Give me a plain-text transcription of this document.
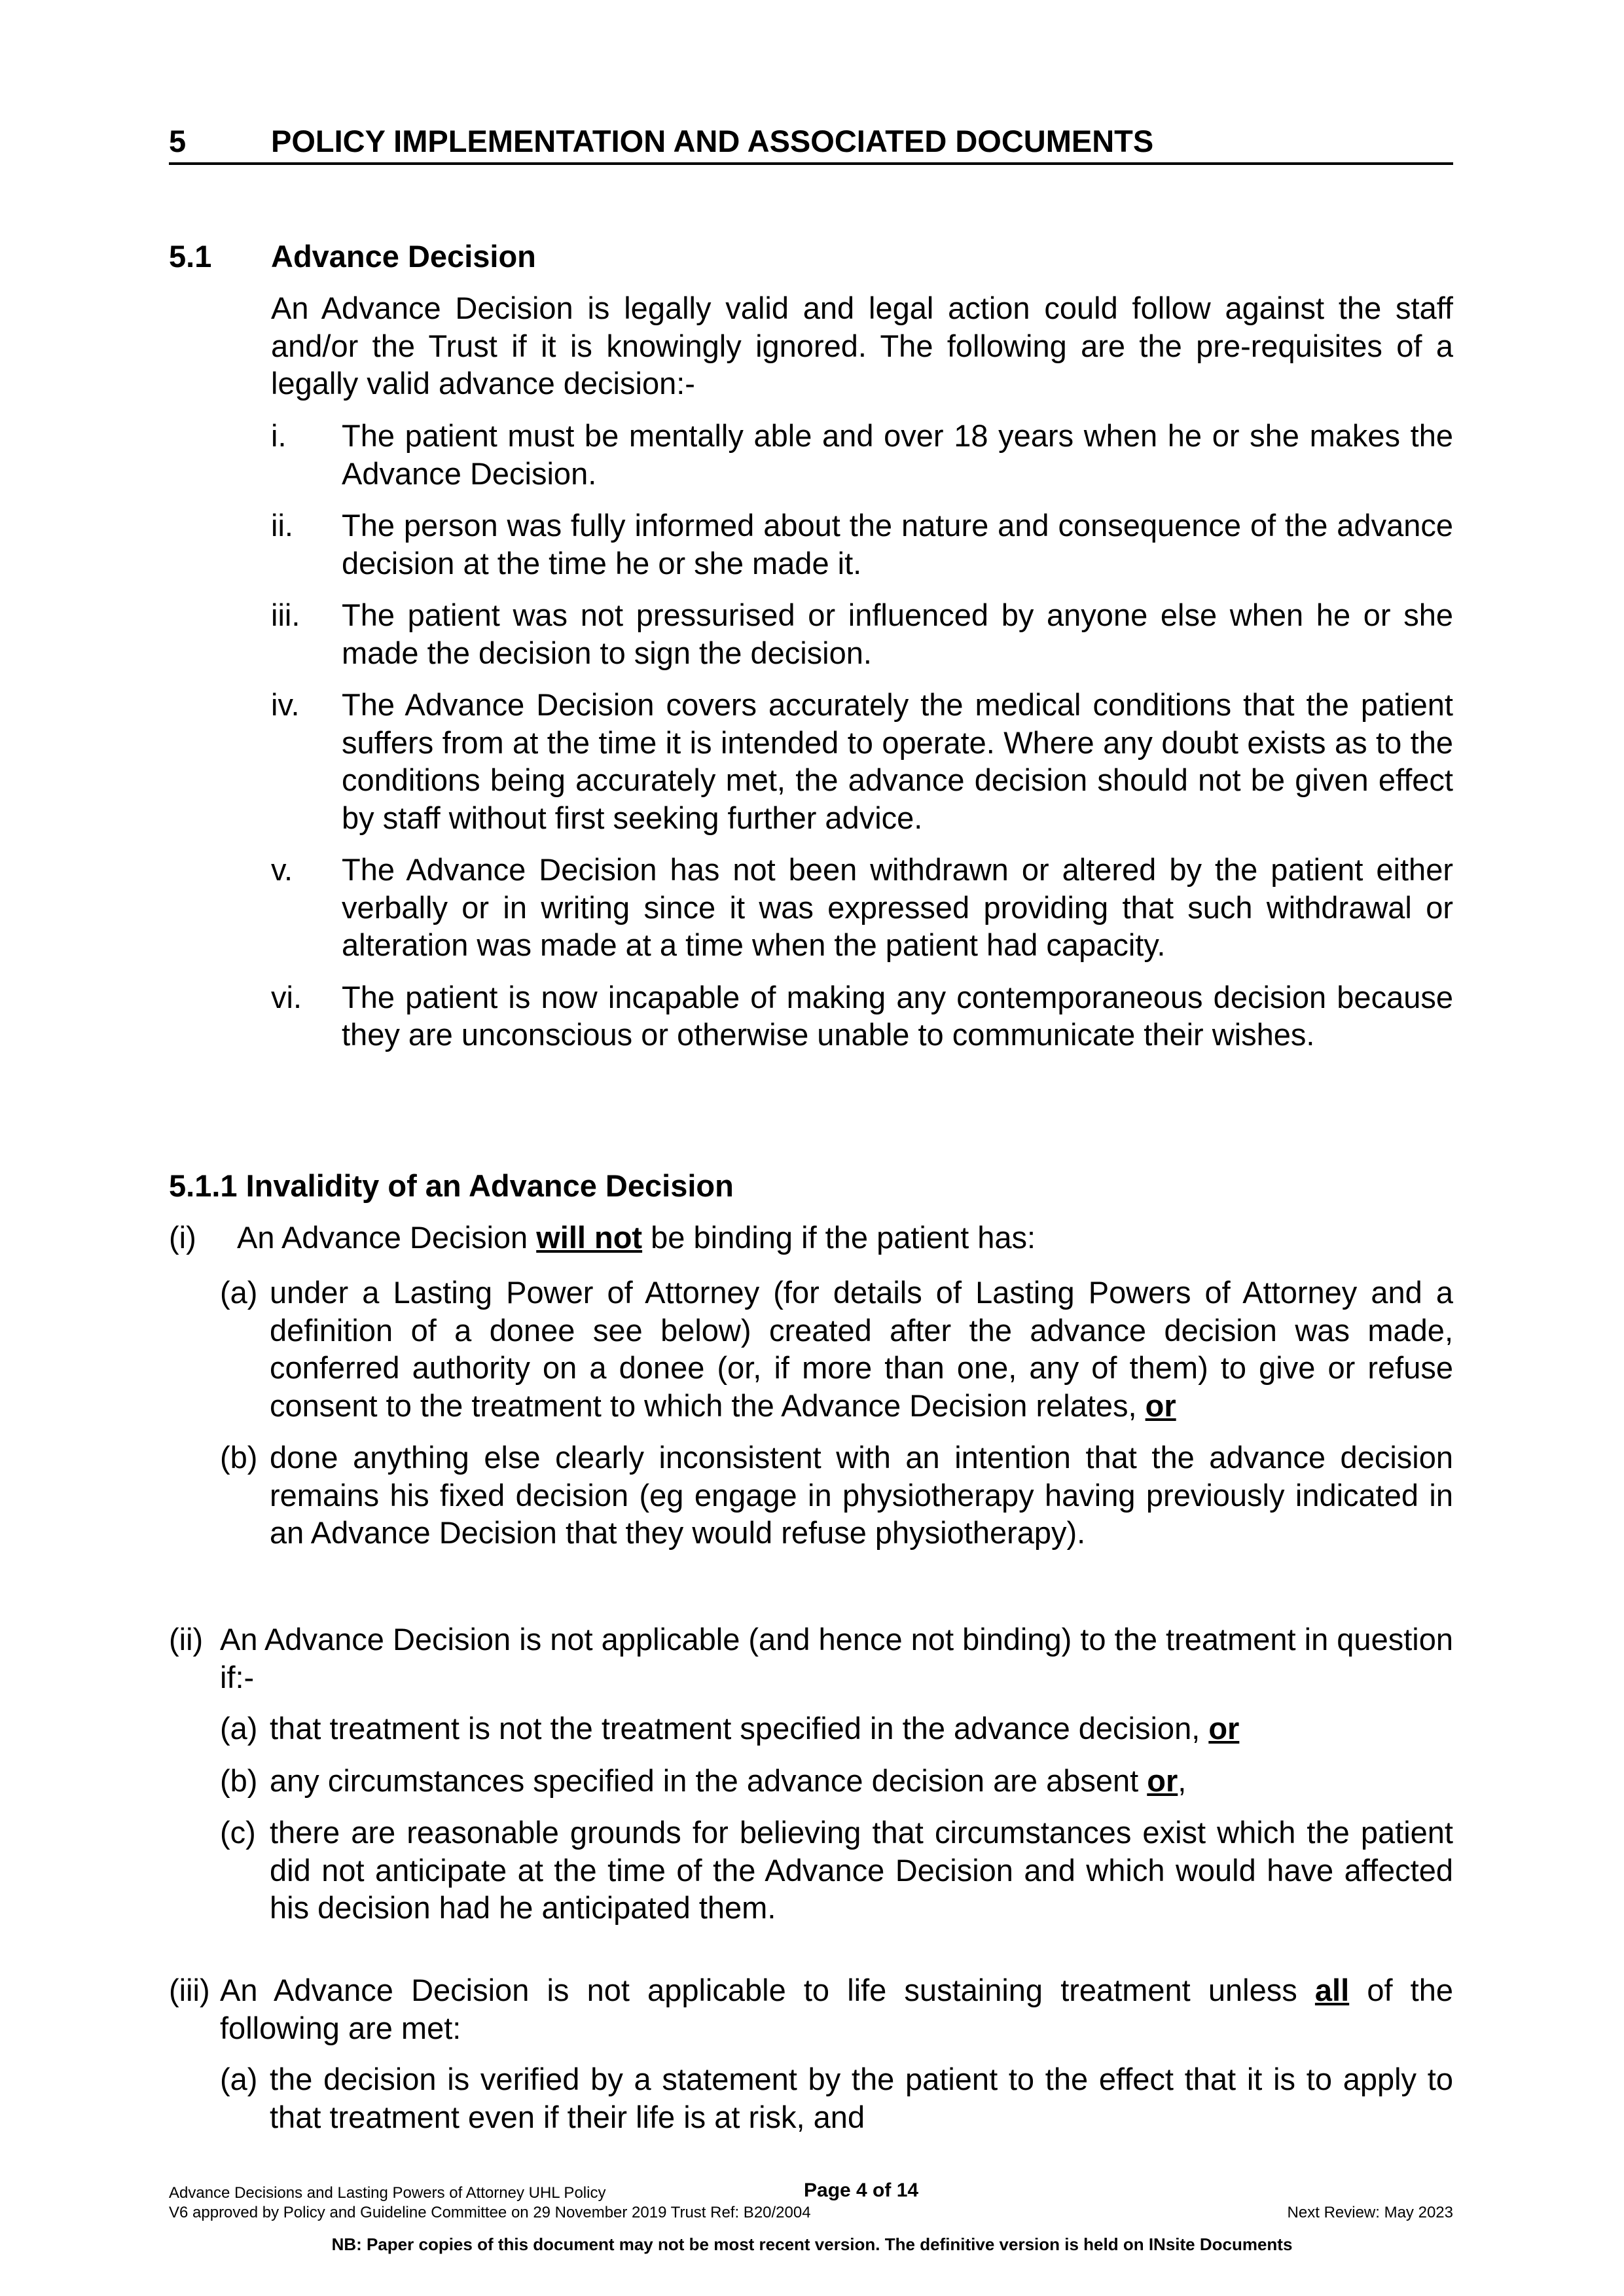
5	POLICY IMPLEMENTATION AND ASSOCIATED DOCUMENTS
5.1 Advance Decision
An Advance Decision is legally valid and legal action could follow against the staff and/or the Trust if it is knowingly ignored. The following are the pre-requisites of a legally valid advance decision:-
i. The patient must be mentally able and over 18 years when he or she makes the Advance Decision.
ii. The person was fully informed about the nature and consequence of the advance decision at the time he or she made it.
iii. The patient was not pressurised or influenced by anyone else when he or she made the decision to sign the decision.
iv. The Advance Decision covers accurately the medical conditions that the patient suffers from at the time it is intended to operate. Where any doubt exists as to the conditions being accurately met, the advance decision should not be given effect by staff without first seeking further advice.
v. The Advance Decision has not been withdrawn or altered by the patient either verbally or in writing since it was expressed providing that such withdrawal or alteration was made at a time when the patient had capacity.
vi. The patient is now incapable of making any contemporaneous decision because they are unconscious or otherwise unable to communicate their wishes.
5.1.1 Invalidity of an Advance Decision
(i) An Advance Decision will not be binding if the patient has:
(a) under a Lasting Power of Attorney (for details of Lasting Powers of Attorney and a definition of a donee see below) created after the advance decision was made, conferred authority on a donee (or, if more than one, any of them) to give or refuse consent to the treatment to which the Advance Decision relates, or
(b) done anything else clearly inconsistent with an intention that the advance decision remains his fixed decision (eg engage in physiotherapy having previously indicated in an Advance Decision that they would refuse physiotherapy).
(ii) An Advance Decision is not applicable (and hence not binding) to the treatment in question if:-
(a) that treatment is not the treatment specified in the advance decision, or
(b) any circumstances specified in the advance decision are absent or,
(c) there are reasonable grounds for believing that circumstances exist which the patient did not anticipate at the time of the Advance Decision and which would have affected his decision had he anticipated them.
(iii) An Advance Decision is not applicable to life sustaining treatment unless all of the following are met:
(a) the decision is verified by a statement by the patient to the effect that it is to apply to that treatment even if their life is at risk, and
Advance Decisions and Lasting Powers of Attorney UHL Policy	Page 4 of 14
V6 approved by Policy and Guideline Committee on 29 November 2019 Trust Ref: B20/2004	Next Review: May 2023
NB: Paper copies of this document may not be most recent version. The definitive version is held on INsite Documents
